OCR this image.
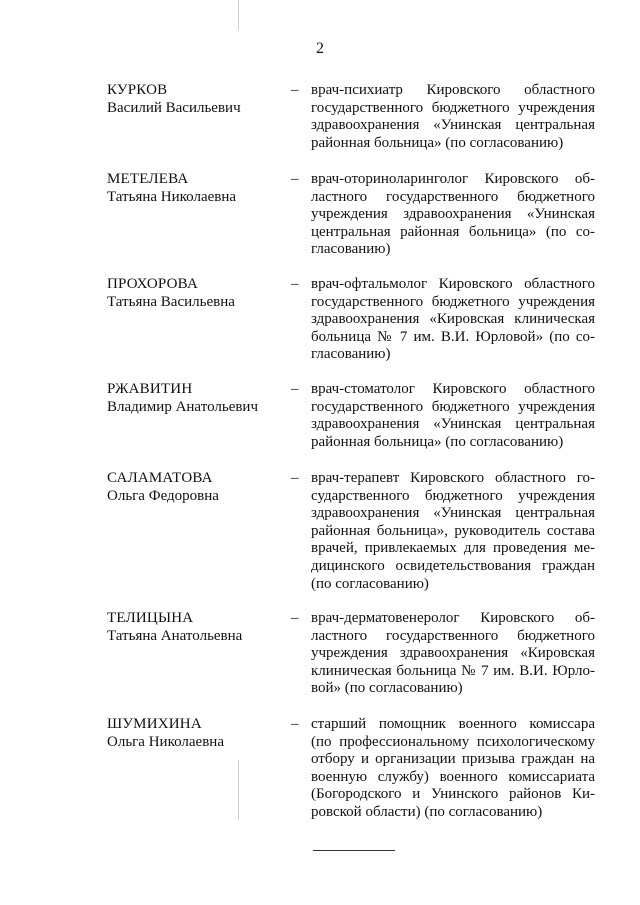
2
КУРКОВ
Василий Васильевич
– врач-психиатр Кировского областного
государственного бюджетного учреждения
здравоохранения «Унинская центральная
районная больница» (по согласованию)
МЕТЕЛЕВА
Татьяна Николаевна
– врач-оториноларинголог Кировского об-
ластного государственного бюджетного
учреждения здравоохранения «Унинская
центральная районная больница» (по со-
гласованию)
ПРОХОРОВА
Татьяна Васильевна
– врач-офтальмолог Кировского областного
государственного бюджетного учреждения
здравоохранения «Кировская клиническая
больница № 7 им. В.И. Юрловой» (по со-
гласованию)
РЖАВИТИН
Владимир Анатольевич
– врач-стоматолог Кировского областного
государственного бюджетного учреждения
здравоохранения «Унинская центральная
районная больница» (по согласованию)
САЛАМАТОВА
Ольга Федоровна
– врач-терапевт Кировского областного го-
сударственного бюджетного учреждения
здравоохранения «Унинская центральная
районная больница», руководитель состава
врачей, привлекаемых для проведения ме-
дицинского освидетельствования граждан
(по согласованию)
ТЕЛИЦЫНА
Татьяна Анатольевна
– врач-дерматовенеролог Кировского об-
ластного государственного бюджетного
учреждения здравоохранения «Кировская
клиническая больница № 7 им. В.И. Юрло-
вой» (по согласованию)
ШУМИХИНА
Ольга Николаевна
– старший помощник военного комиссара
(по профессиональному психологическому
отбору и организации призыва граждан на
военную службу) военного комиссариата
(Богородского и Унинского районов Ки-
ровской области) (по согласованию)
